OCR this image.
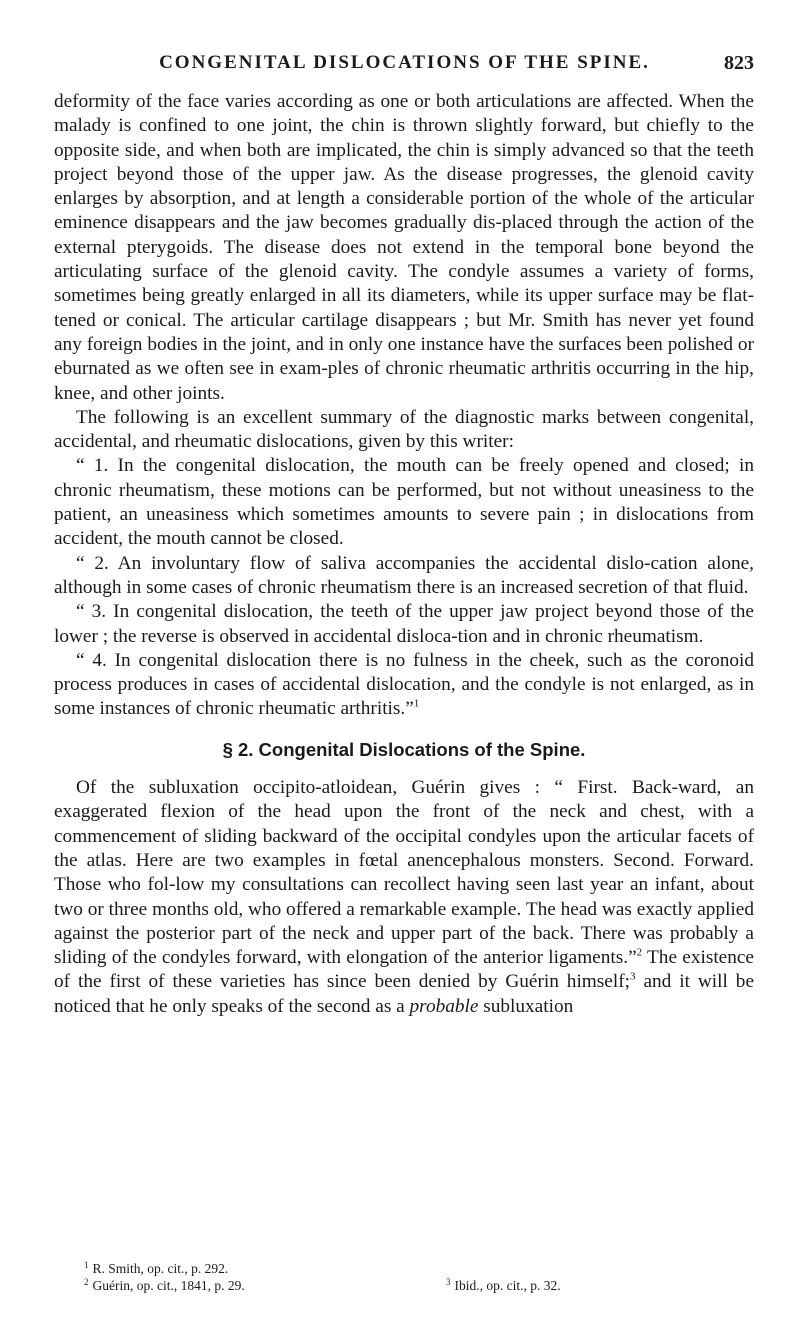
CONGENITAL DISLOCATIONS OF THE SPINE.	823

deformity of the face varies according as one or both articulations are affected. When the malady is confined to one joint, the chin is thrown slightly forward, but chiefly to the opposite side, and when both are implicated, the chin is simply advanced so that the teeth project beyond those of the upper jaw. As the disease progresses, the glenoid cavity enlarges by absorption, and at length a considerable portion of the whole of the articular eminence disappears and the jaw becomes gradually dis-placed through the action of the external pterygoids. The disease does not extend in the temporal bone beyond the articulating surface of the glenoid cavity. The condyle assumes a variety of forms, sometimes being greatly enlarged in all its diameters, while its upper surface may be flat-tened or conical. The articular cartilage disappears ; but Mr. Smith has never yet found any foreign bodies in the joint, and in only one instance have the surfaces been polished or eburnated as we often see in exam-ples of chronic rheumatic arthritis occurring in the hip, knee, and other joints.

The following is an excellent summary of the diagnostic marks between congenital, accidental, and rheumatic dislocations, given by this writer:

“ 1. In the congenital dislocation, the mouth can be freely opened and closed; in chronic rheumatism, these motions can be performed, but not without uneasiness to the patient, an uneasiness which sometimes amounts to severe pain ; in dislocations from accident, the mouth cannot be closed.

“ 2. An involuntary flow of saliva accompanies the accidental dislo-cation alone, although in some cases of chronic rheumatism there is an increased secretion of that fluid.

“ 3. In congenital dislocation, the teeth of the upper jaw project beyond those of the lower ; the reverse is observed in accidental disloca-tion and in chronic rheumatism.

“ 4. In congenital dislocation there is no fulness in the cheek, such as the coronoid process produces in cases of accidental dislocation, and the condyle is not enlarged, as in some instances of chronic rheumatic arthritis.”$^1$

§ 2. Congenital Dislocations of the Spine.

Of the subluxation occipito-atloidean, Guérin gives : “ First. Back-ward, an exaggerated flexion of the head upon the front of the neck and chest, with a commencement of sliding backward of the occipital condyles upon the articular facets of the atlas. Here are two examples in fœtal anencephalous monsters. Second. Forward. Those who fol-low my consultations can recollect having seen last year an infant, about two or three months old, who offered a remarkable example. The head was exactly applied against the posterior part of the neck and upper part of the back. There was probably a sliding of the condyles forward, with elongation of the anterior ligaments.”$^2$ The existence of the first of these varieties has since been denied by Guérin himself;$^3$ and it will be noticed that he only speaks of the second as a probable subluxation

$^1$ R. Smith, op. cit., p. 292.
$^2$ Guérin, op. cit., 1841, p. 29.	$^3$ Ibid., op. cit., p. 32.
